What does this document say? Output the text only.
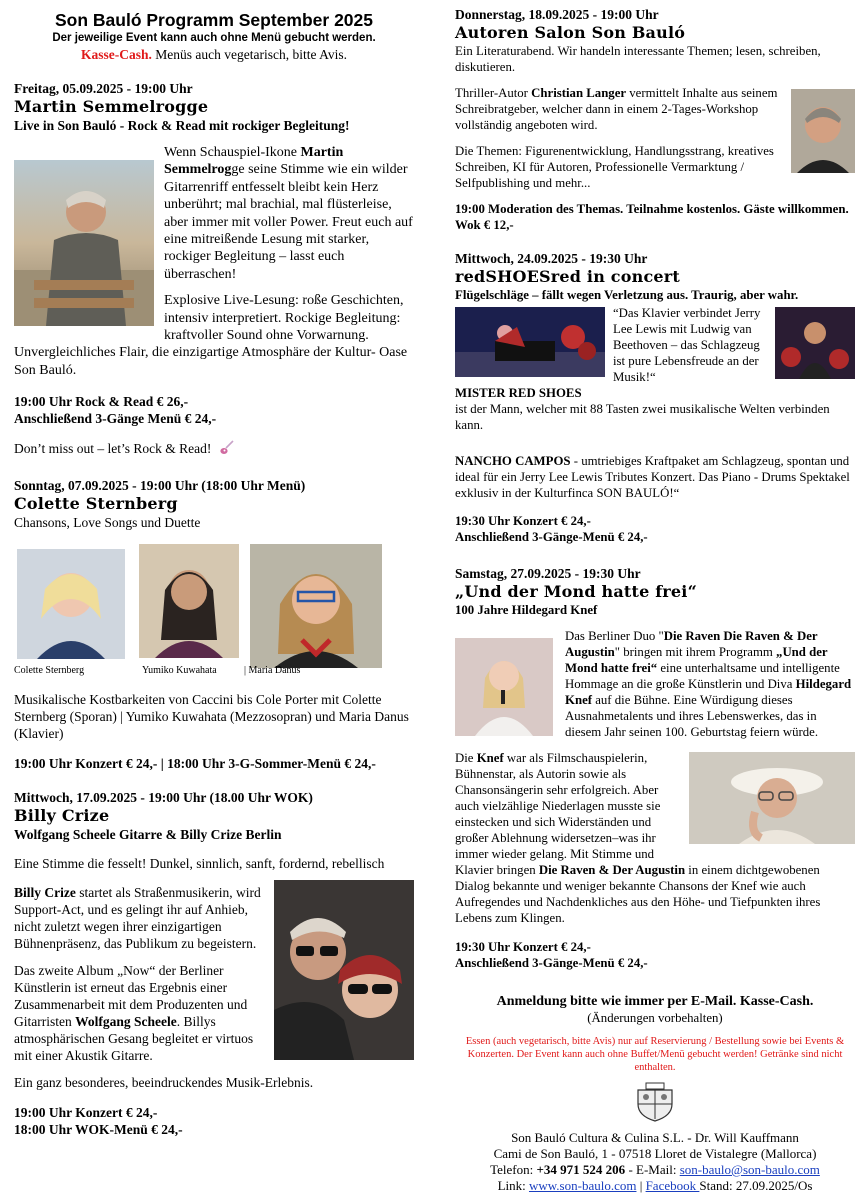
Son Bauló Programm September 2025
Der jeweilige Event kann auch ohne Menü gebucht werden.
Kasse-Cash. Menüs auch vegetarisch, bitte Avis.
Freitag, 05.09.2025 - 19:00 Uhr
Martin Semmelrogge
Live in Son Bauló - Rock & Read mit rockiger Begleitung!

Wenn Schauspiel-Ikone Martin Semmelrogge seine Stimme wie ein wilder Gitarrenriff entfesselt bleibt kein Herz unberührt; mal brachial, mal flüsterleise, aber immer mit voller Power. Freut euch auf eine mitreißende Lesung mit starker, rockiger Begleitung – lasst euch überraschen!

Explosive Live-Lesung: roße Geschichten, intensiv interpretiert. Rockige Begleitung: kraftvoller Sound ohne Vorwarnung. Unvergleichliches Flair, die einzigartige Atmosphäre der Kultur- Oase Son Bauló.

19:00 Uhr Rock & Read € 26,-
Anschließend 3-Gänge Menü € 24,-
Don’t miss out – let’s Rock & Read!
Sonntag, 07.09.2025 - 19:00 Uhr (18:00 Uhr Menü)
Colette Sternberg
Chansons, Love Songs und Duette
Colette Sternberg	Yumiko Kuwahata	| Maria Danus

Musikalische Kostbarkeiten von Caccini bis Cole Porter mit Colette Sternberg (Sporan) | Yumiko Kuwahata (Mezzosopran) und Maria Danus (Klavier)

19:00 Uhr Konzert € 24,- | 18:00 Uhr 3-G-Sommer-Menü € 24,-
Mittwoch, 17.09.2025 - 19:00 Uhr (18.00 Uhr WOK)
Billy Crize
Wolfgang Scheele Gitarre & Billy Crize Berlin

Eine Stimme die fesselt! Dunkel, sinnlich, sanft, fordernd, rebellisch

Billy Crize startet als Straßenmusikerin, wird Support-Act, und es gelingt ihr auf Anhieb, nicht zuletzt wegen ihrer einzigartigen Bühnenpräsenz, das Publikum zu begeistern.

Das zweite Album „Now“ der Berliner Künstlerin ist erneut das Ergebnis einer Zusammenarbeit mit dem Produzenten und Gitarristen Wolfgang Scheele. Billys atmosphärischen Gesang begleitet er virtuos mit einer Akustik Gitarre.

Ein ganz besonderes, beeindruckendes Musik-Erlebnis.

19:00 Uhr Konzert € 24,-
18:00 Uhr WOK-Menü € 24,-
Donnerstag, 18.09.2025 - 19:00 Uhr
Autoren Salon Son Bauló

Ein Literaturabend. Wir handeln interessante Themen; lesen, schreiben, diskutieren.

Thriller-Autor Christian Langer vermittelt Inhalte aus seinem Schreibratgeber, welcher dann in einem 2-Tages-Workshop vollständig angeboten wird.

Die Themen: Figurenentwicklung, Handlungsstrang, kreatives Schreiben, KI für Autoren, Professionelle Vermarktung / Selfpublishing und mehr...

19:00 Moderation des Themas. Teilnahme kostenlos. Gäste willkommen. Wok € 12,-
Mittwoch, 24.09.2025 - 19:30 Uhr
redSHOESred in concert
Flügelschläge – fällt wegen Verletzung aus. Traurig, aber wahr.

“Das Klavier verbindet Jerry Lee Lewis mit Ludwig van Beethoven – das Schlagzeug ist pure Lebensfreude an der Musik!“

MISTER RED SHOES

ist der Mann, welcher mit 88 Tasten zwei musikalische Welten verbinden kann.

NANCHO CAMPOS - umtriebiges Kraftpaket am Schlagzeug, spontan und ideal für ein Jerry Lee Lewis Tributes Konzert. Das Piano - Drums Spektakel exklusiv in der Kulturfinca SON BAULÓ!“

19:30 Uhr Konzert € 24,-
Anschließend 3-Gänge-Menü € 24,-
Samstag, 27.09.2025 - 19:30 Uhr
„Und der Mond hatte frei“
100 Jahre Hildegard Knef

Das Berliner Duo "Die Raven Die Raven & Der Augustin" bringen mit ihrem Programm „Und der Mond hatte frei“ eine unterhaltsame und intelligente Hommage an die große Künstlerin und Diva Hildegard Knef auf die Bühne. Eine Würdigung dieses Ausnahmetalents und ihres Lebenswerkes, das in diesem Jahr seinen 100. Geburtstag feiern würde.

Die Knef war als Filmschauspielerin, Bühnenstar, als Autorin sowie als Chansonsängerin sehr erfolgreich. Aber auch vielzählige Niederlagen musste sie einstecken und sich Widerständen und großer Ablehnung widersetzen–was ihr immer wieder gelang. Mit Stimme und Klavier bringen Die Raven & Der Augustin in einem dichtgewobenen Dialog bekannte und weniger bekannte Chansons der Knef wie auch Aufregendes und Nachdenkliches aus den Höhe- und Tiefpunkten ihres Lebens zum Klingen.

19:30 Uhr Konzert € 24,-
Anschließend 3-Gänge-Menü € 24,-
Anmeldung bitte wie immer per E-Mail. Kasse-Cash.
(Änderungen vorbehalten)

Essen (auch vegetarisch, bitte Avis) nur auf Reservierung / Bestellung sowie bei Events & Konzerten. Der Event kann auch ohne Buffet/Menü gebucht werden! Getränke sind nicht enthalten.

Son Bauló Cultura & Culina S.L. - Dr. Will Kauffmann
Cami de Son Bauló, 1 - 07518 Lloret de Vistalegre (Mallorca)
Telefon: +34 971 524 206 - E-Mail: son-baulo@son-baulo.com
Link: www.son-baulo.com | Facebook Stand: 27.09.2025/Os
